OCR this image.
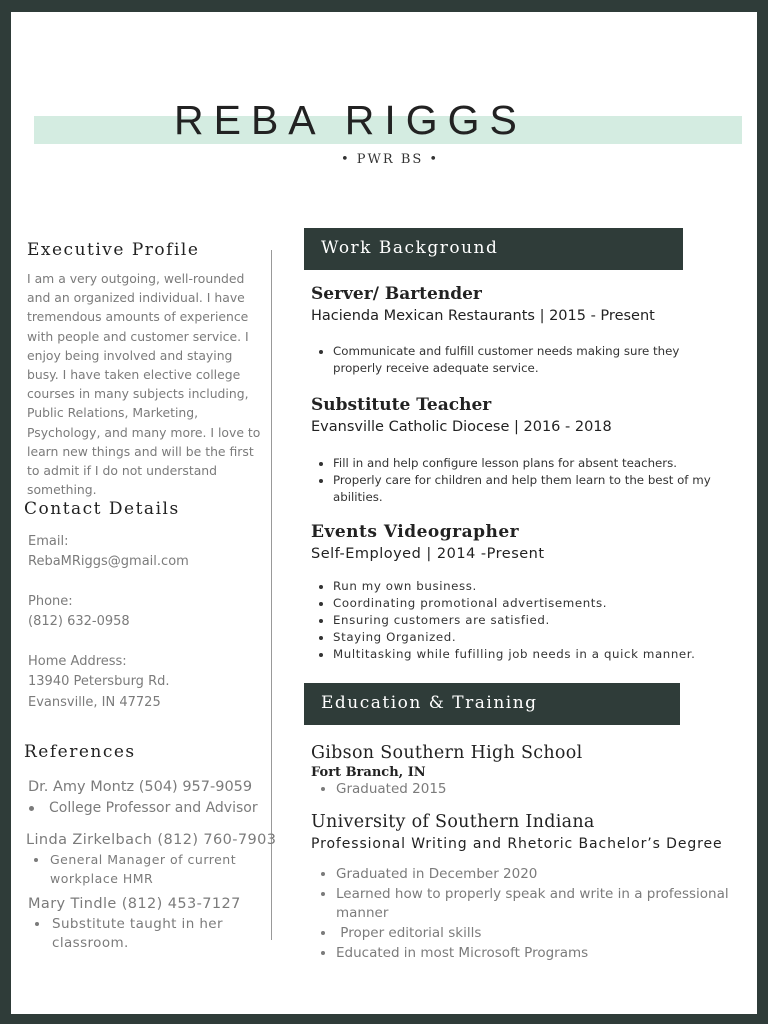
REBA RIGGS
• PWR BS •
Executive Profile
I am a very outgoing, well-rounded and an organized individual. I have tremendous amounts of experience with people and customer service. I enjoy being involved and staying busy. I have taken elective college courses in many subjects including, Public Relations, Marketing, Psychology, and many more. I love to learn new things and will be the first to admit if I do not understand something.
Contact Details
Email:
RebaMRiggs@gmail.com
Phone:
(812) 632-0958
Home Address:
13940 Petersburg Rd.
Evansville, IN 47725
References
Dr. Amy Montz (504) 957-9059
College Professor and Advisor
Linda Zirkelbach (812) 760-7903
General Manager of current
workplace HMR
Mary Tindle (812) 453-7127
Substitute taught in her
classroom.
Work Background
Server/ Bartender
Hacienda Mexican Restaurants | 2015 - Present
• Communicate and fulfill customer needs making sure they
properly receive adequate service.
Substitute Teacher
Evansville Catholic Diocese | 2016 - 2018
• Fill in and help configure lesson plans for absent teachers.
• Properly care for children and help them learn to the best of my
abilities.
Events Videographer
Self-Employed | 2014 -Present
• Run my own business.
• Coordinating promotional advertisements.
• Ensuring customers are satisfied.
• Staying Organized.
• Multitasking while fufilling job needs in a quick manner.
Education & Training
Gibson Southern High School
Fort Branch, IN
• Graduated 2015
University of Southern Indiana
Professional Writing and Rhetoric Bachelor’s Degree
• Graduated in December 2020
• Learned how to properly speak and write in a professional
manner
•  Proper editorial skills
• Educated in most Microsoft Programs
